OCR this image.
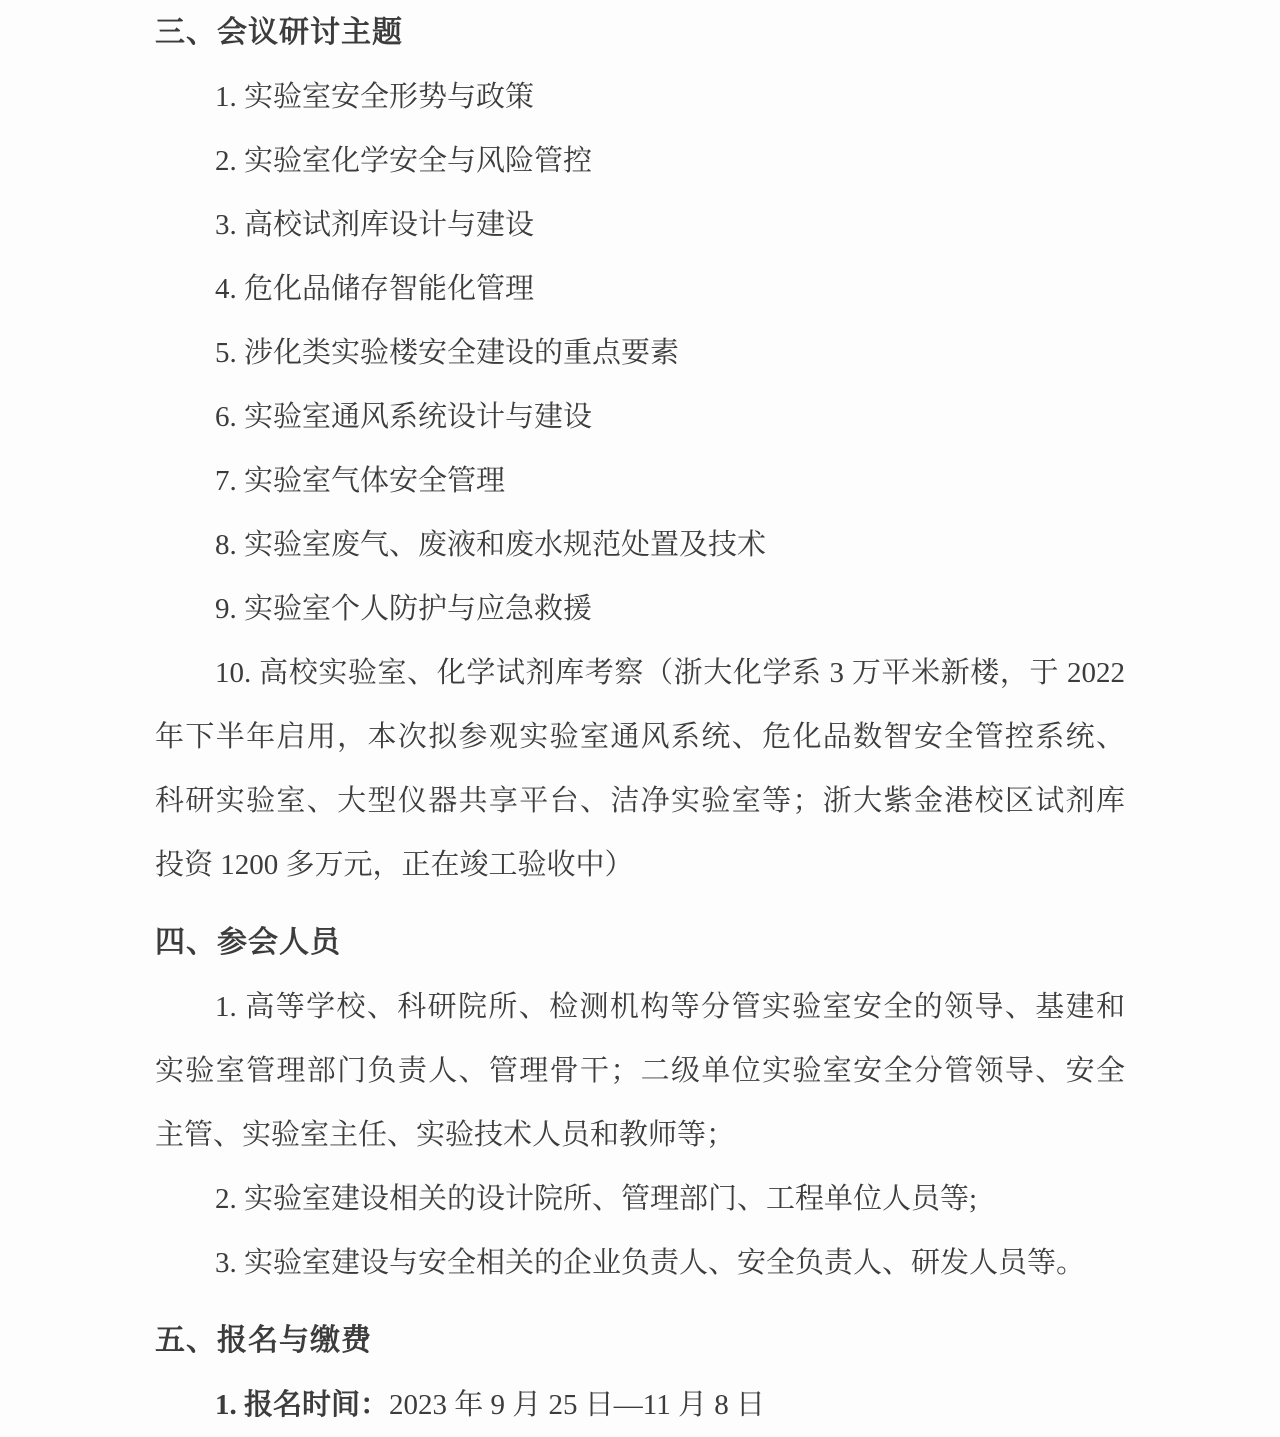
三、会议研讨主题
1. 实验室安全形势与政策
2. 实验室化学安全与风险管控
3. 高校试剂库设计与建设
4. 危化品储存智能化管理
5. 涉化类实验楼安全建设的重点要素
6. 实验室通风系统设计与建设
7. 实验室气体安全管理
8. 实验室废气、废液和废水规范处置及技术
9. 实验室个人防护与应急救援
10. 高校实验室、化学试剂库考察（浙大化学系 3 万平米新楼，于 2022
年下半年启用，本次拟参观实验室通风系统、危化品数智安全管控系统、
科研实验室、大型仪器共享平台、洁净实验室等；浙大紫金港校区试剂库
投资 1200 多万元，正在竣工验收中）
四、参会人员
1. 高等学校、科研院所、检测机构等分管实验室安全的领导、基建和
实验室管理部门负责人、管理骨干；二级单位实验室安全分管领导、安全
主管、实验室主任、实验技术人员和教师等；
2. 实验室建设相关的设计院所、管理部门、工程单位人员等;
3. 实验室建设与安全相关的企业负责人、安全负责人、研发人员等。
五、报名与缴费
1. 报名时间：2023 年 9 月 25 日—11 月 8 日
